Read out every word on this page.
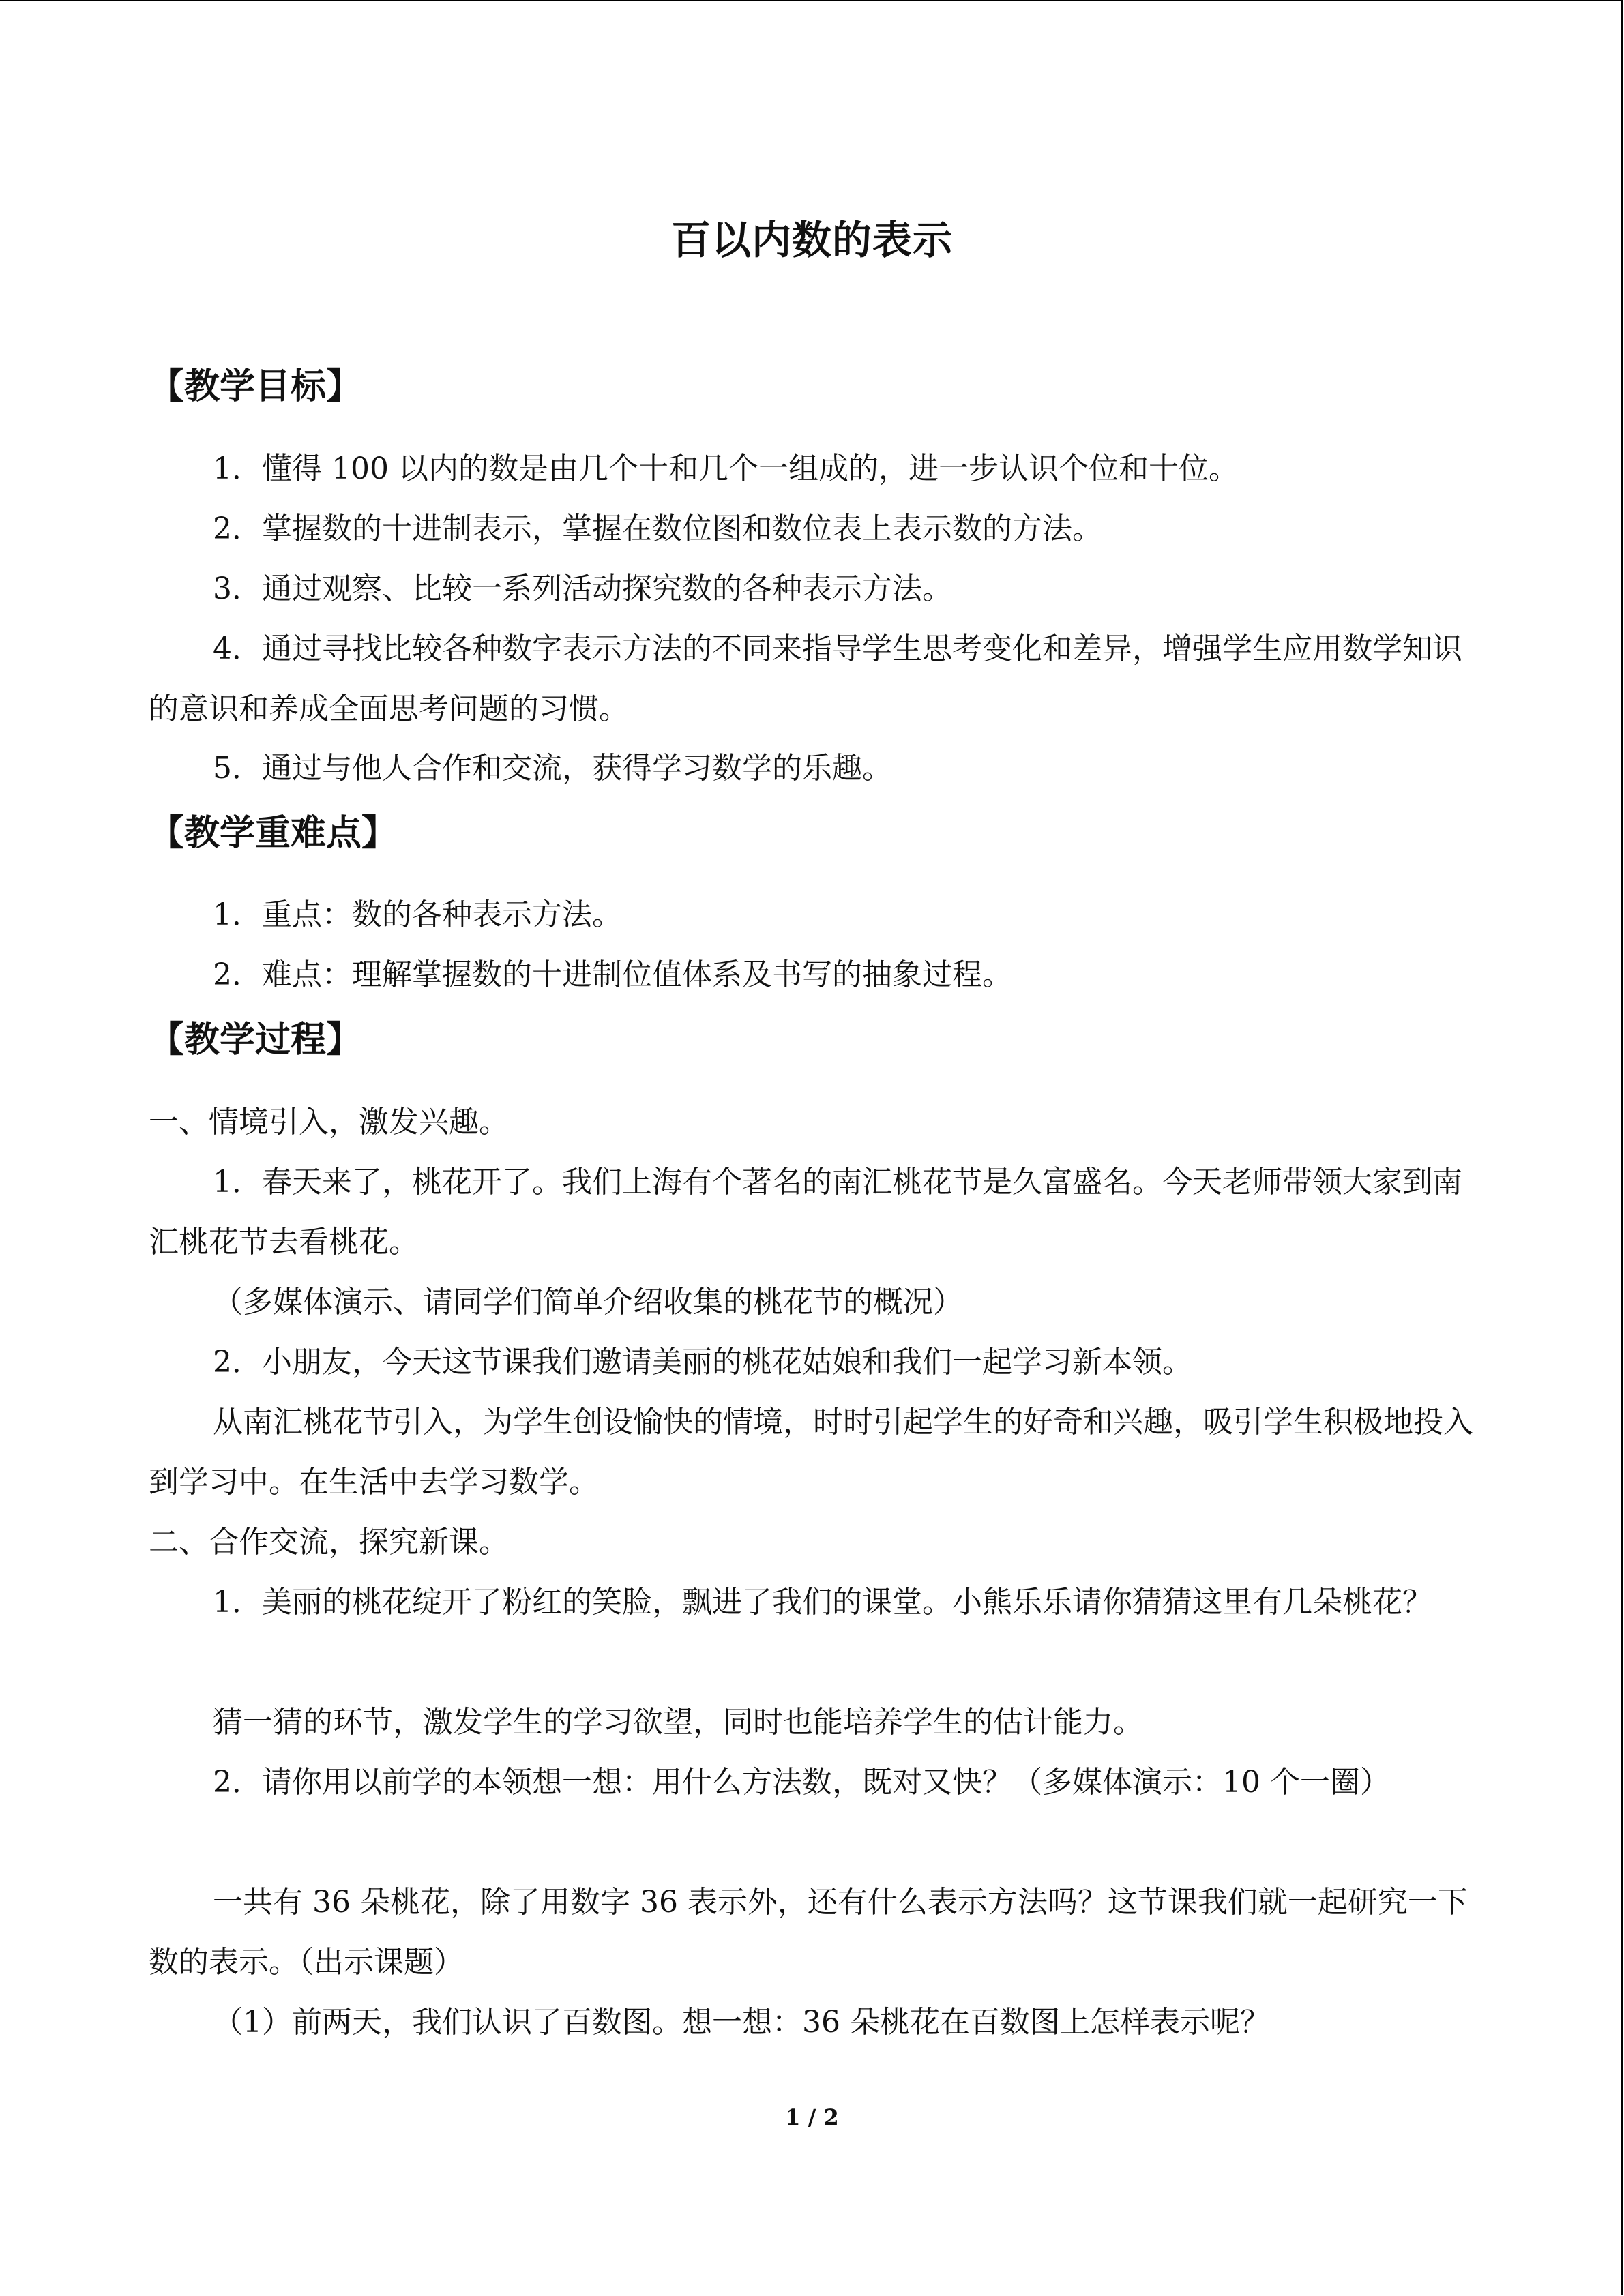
百以内数的表示
【教学目标】

1．懂得 100 以内的数是由几个十和几个一组成的，进一步认识个位和十位。

2．掌握数的十进制表示，掌握在数位图和数位表上表示数的方法。

3．通过观察、比较一系列活动探究数的各种表示方法。

4．通过寻找比较各种数字表示方法的不同来指导学生思考变化和差异，增强学生应用数学知识的意识和养成全面思考问题的习惯。

5．通过与他人合作和交流，获得学习数学的乐趣。

【教学重难点】

1．重点：数的各种表示方法。

2．难点：理解掌握数的十进制位值体系及书写的抽象过程。

【教学过程】

一、情境引入，激发兴趣。

1．春天来了，桃花开了。我们上海有个著名的南汇桃花节是久富盛名。今天老师带领大家到南汇桃花节去看桃花。

（多媒体演示、请同学们简单介绍收集的桃花节的概况）

2．小朋友，今天这节课我们邀请美丽的桃花姑娘和我们一起学习新本领。

从南汇桃花节引入，为学生创设愉快的情境，时时引起学生的好奇和兴趣，吸引学生积极地投入到学习中。在生活中去学习数学。

二、合作交流，探究新课。

1．美丽的桃花绽开了粉红的笑脸，飘进了我们的课堂。小熊乐乐请你猜猜这里有几朵桃花？

猜一猜的环节，激发学生的学习欲望，同时也能培养学生的估计能力。

2．请你用以前学的本领想一想：用什么方法数，既对又快？（多媒体演示：10 个一圈）

一共有 36 朵桃花，除了用数字 36 表示外，还有什么表示方法吗？这节课我们就一起研究一下数的表示。（出示课题）

（1）前两天，我们认识了百数图。想一想：36 朵桃花在百数图上怎样表示呢？

1 / 2
